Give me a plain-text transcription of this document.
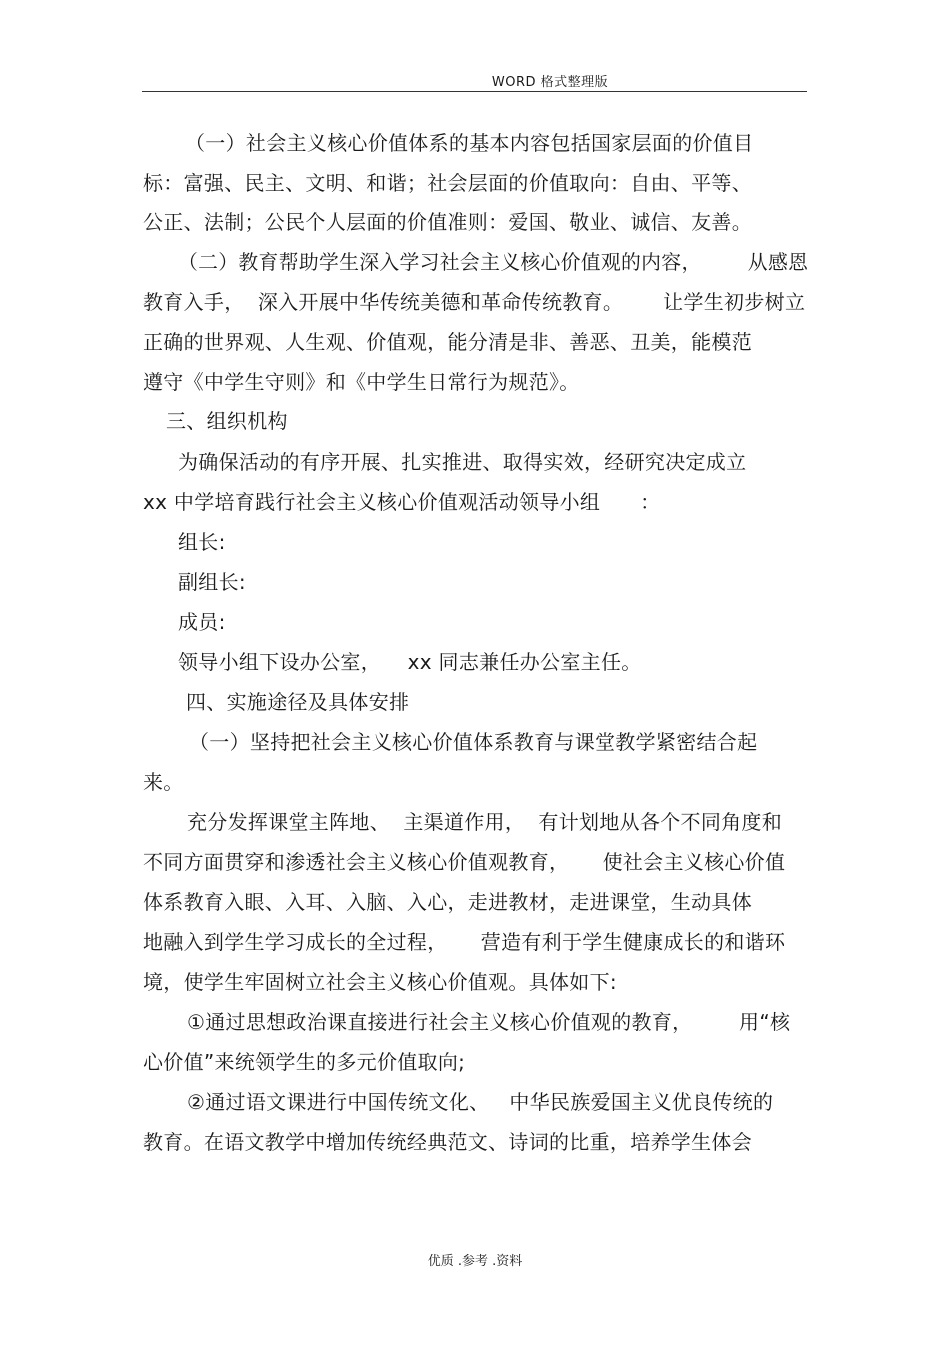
WORD 格式整理版
（一）社会主义核心价值体系的基本内容包括国家层面的价值目
标：富强、民主、文明、和谐；社会层面的价值取向：自由、平等、
公正、法制；公民个人层面的价值准则：爱国、敬业、诚信、友善。
（二）教育帮助学生深入学习社会主义核心价值观的内容，       从感恩
教育入手，  深入开展中华传统美德和革命传统教育。      让学生初步树立
正确的世界观、人生观、价值观，能分清是非、善恶、丑美，能模范
遵守《中学生守则》和《中学生日常行为规范》。
三、组织机构
为确保活动的有序开展、扎实推进、取得实效，经研究决定成立
xx 中学培育践行社会主义核心价值观活动领导小组      ：
组长:
副组长:
成员:
领导小组下设办公室，    xx 同志兼任办公室主任。
四、实施途径及具体安排
（一）坚持把社会主义核心价值体系教育与课堂教学紧密结合起
来。
充分发挥课堂主阵地、  主渠道作用，  有计划地从各个不同角度和
不同方面贯穿和渗透社会主义核心价值观教育，     使社会主义核心价值
体系教育入眼、入耳、入脑、入心，走进教材，走进课堂，生动具体
地融入到学生学习成长的全过程，     营造有利于学生健康成长的和谐环
境，使学生牢固树立社会主义核心价值观。具体如下:
①通过思想政治课直接进行社会主义核心价值观的教育，       用“核
心价值”来统领学生的多元价值取向;
②通过语文课进行中国传统文化、   中华民族爱国主义优良传统的
教育。在语文教学中增加传统经典范文、诗词的比重，培养学生体会
优质 .参考 .资料
